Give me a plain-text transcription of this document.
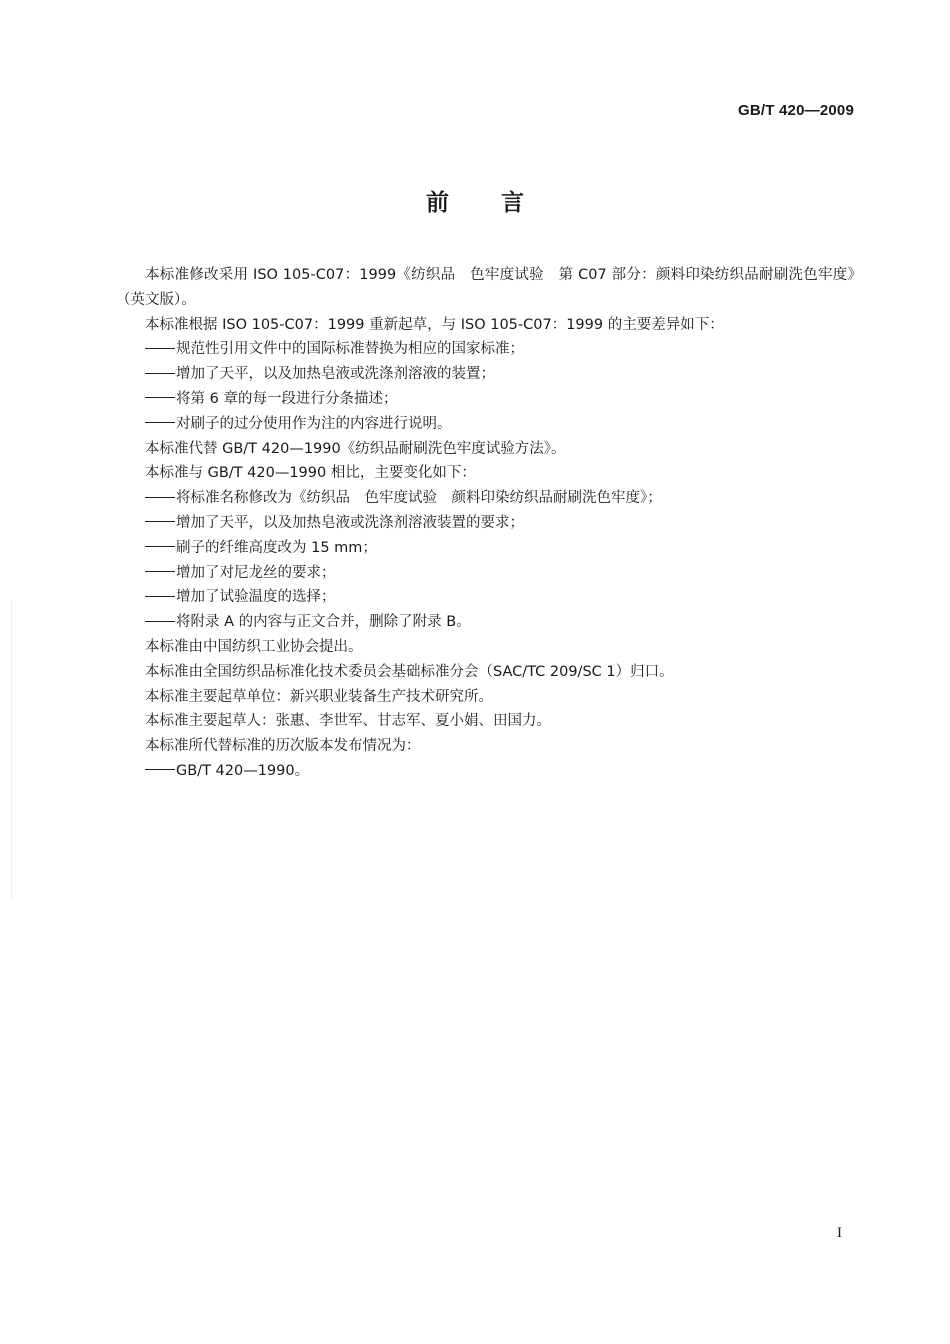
GB/T 420—2009
前 言

本标准修改采用 ISO 105-C07：1999《纺织品　色牢度试验　第 C07 部分：颜料印染纺织品耐刷洗色牢度》（英文版）。

本标准根据 ISO 105-C07：1999 重新起草，与 ISO 105-C07：1999 的主要差异如下：

规范性引用文件中的国际标准替换为相应的国家标准；

增加了天平，以及加热皂液或洗涤剂溶液的装置；

将第 6 章的每一段进行分条描述；

对刷子的过分使用作为注的内容进行说明。

本标准代替 GB/T 420—1990《纺织品耐刷洗色牢度试验方法》。

本标准与 GB/T 420—1990 相比，主要变化如下：

将标准名称修改为《纺织品　色牢度试验　颜料印染纺织品耐刷洗色牢度》；

增加了天平，以及加热皂液或洗涤剂溶液装置的要求；

刷子的纤维高度改为 15 mm；

增加了对尼龙丝的要求；

增加了试验温度的选择；

将附录 A 的内容与正文合并，删除了附录 B。

本标准由中国纺织工业协会提出。

本标准由全国纺织品标准化技术委员会基础标准分会（SAC/TC 209/SC 1）归口。

本标准主要起草单位：新兴职业装备生产技术研究所。

本标准主要起草人：张惠、李世军、甘志军、夏小娟、田国力。

本标准所代替标准的历次版本发布情况为：

GB/T 420—1990。

I
